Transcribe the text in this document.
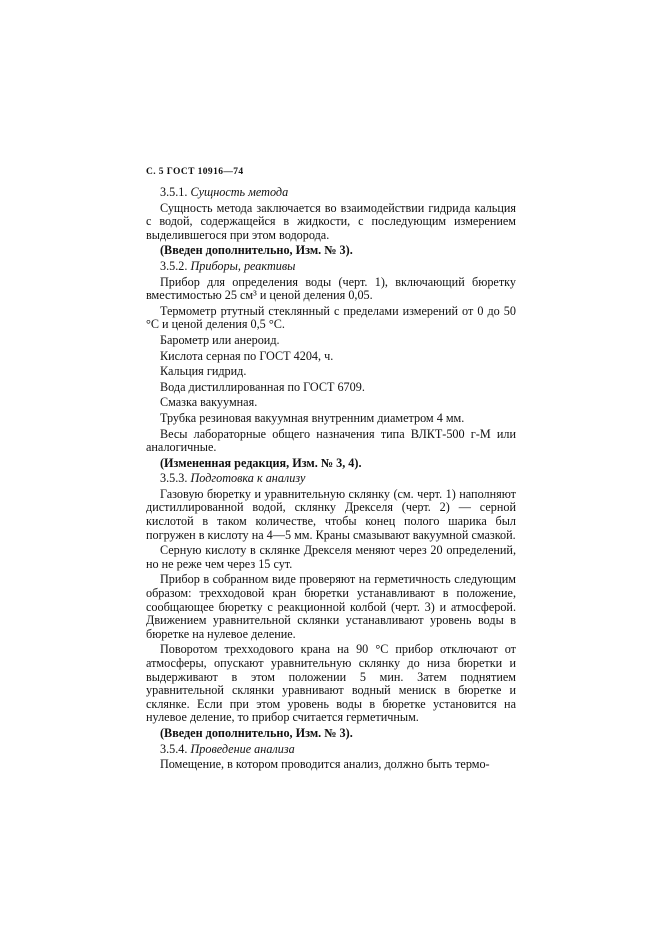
С. 5 ГОСТ 10916—74

3.5.1. Сущность метода

Сущность метода заключается во взаимодействии гидрида кальция с водой, содержащейся в жидкости, с последующим измерением выделившегося при этом водорода.

(Введен дополнительно, Изм. № 3).

3.5.2. Приборы, реактивы

Прибор для определения воды (черт. 1), включающий бюретку вместимостью 25 см³ и ценой деления 0,05.

Термометр ртутный стеклянный с пределами измерений от 0 до 50 °С и ценой деления 0,5 °С.

Барометр или анероид.

Кислота серная по ГОСТ 4204, ч.

Кальция гидрид.

Вода дистиллированная по ГОСТ 6709.

Смазка вакуумная.

Трубка резиновая вакуумная внутренним диаметром 4 мм.

Весы лабораторные общего назначения типа ВЛКТ-500 г-М или аналогичные.

(Измененная редакция, Изм. № 3, 4).

3.5.3. Подготовка к анализу

Газовую бюретку и уравнительную склянку (см. черт. 1) наполняют дистиллированной водой, склянку Дрекселя (черт. 2) — серной кислотой в таком количестве, чтобы конец полого шарика был погружен в кислоту на 4—5 мм. Краны смазывают вакуумной смазкой.

Серную кислоту в склянке Дрекселя меняют через 20 определений, но не реже чем через 15 сут.

Прибор в собранном виде проверяют на герметичность следующим образом: трехходовой кран бюретки устанавливают в положение, сообщающее бюретку с реакционной колбой (черт. 3) и атмосферой. Движением уравнительной склянки устанавливают уровень воды в бюретке на нулевое деление.

Поворотом трехходового крана на 90 °С прибор отключают от атмосферы, опускают уравнительную склянку до низа бюретки и выдерживают в этом положении 5 мин. Затем поднятием уравнительной склянки уравнивают водный мениск в бюретке и склянке. Если при этом уровень воды в бюретке установится на нулевое деление, то прибор считается герметичным.

(Введен дополнительно, Изм. № 3).

3.5.4. Проведение анализа

Помещение, в котором проводится анализ, должно быть термо-
